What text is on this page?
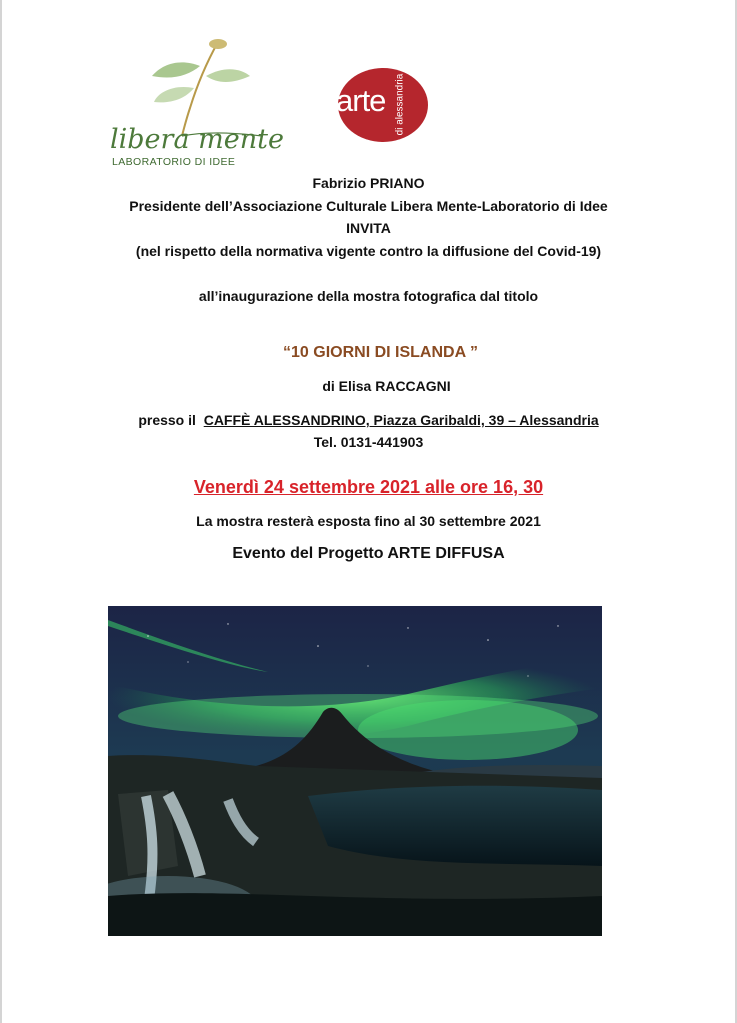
libera mente
LABORATORIO DI IDEE
arte di alessandria
Fabrizio PRIANO
Presidente dell’Associazione Culturale Libera Mente-Laboratorio di Idee
INVITA
(nel rispetto della normativa vigente contro la diffusione del Covid-19)
all’inaugurazione della mostra fotografica dal titolo
“10 GIORNI DI ISLANDA ”
di Elisa RACCAGNI
presso il CAFFÈ ALESSANDRINO, Piazza Garibaldi, 39 – Alessandria
Tel. 0131-441903
Venerdì 24 settembre 2021 alle ore 16, 30
La mostra resterà esposta fino al 30 settembre 2021
Evento del Progetto ARTE DIFFUSA
